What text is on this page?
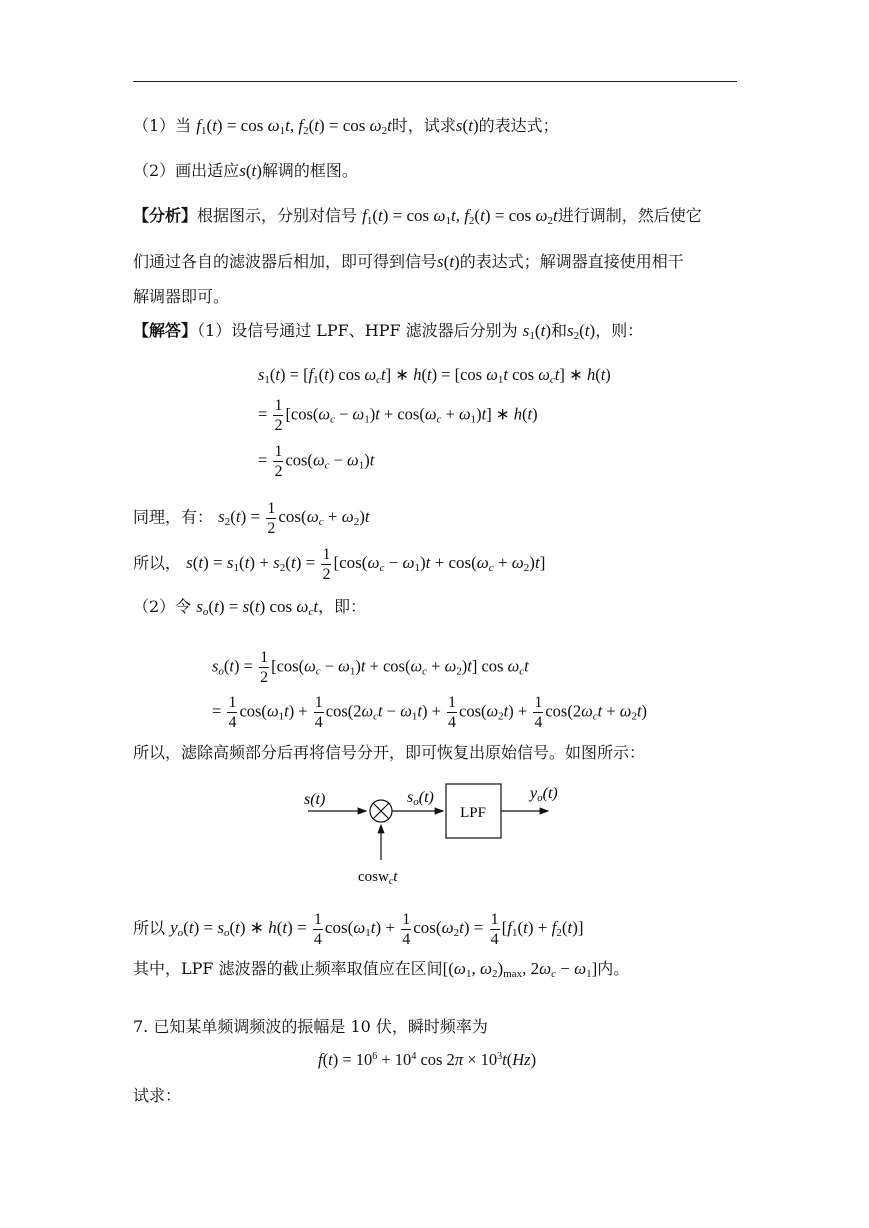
（1）当 $f_1(t) = \cos \omega_1t$, $f_2(t) = \cos \omega_2t$时，试求s(t)的表达式；
（2）画出适应s(t)解调的框图。
【分析】根据图示，分别对信号 $f_1(t) = \cos \omega_1t$, $f_2(t) = \cos \omega_2t$进行调制，然后使它
们通过各自的滤波器后相加，即可得到信号s(t)的表达式；解调器直接使用相干
解调器即可。
【解答】（1）设信号通过 LPF、HPF 滤波器后分别为 $s_1(t)$和$s_2(t)$，则：
$s_1(t) = [f_1(t)$ $\cos \omega_ct$] ∗ h(t) = [cos $\omega_1t$ $\cos \omega_ct$] ∗ h(t)
= $\frac{1}{2} [\cos(\omega_c - \omega_1)t + \cos(\omega_c + \omega_1)t]$ ∗ h(t)
= $\frac{1}{2} \cos(\omega_c - \omega_1)t$
同理，有： $s_2(t) = \frac{1}{2} \cos(\omega_c + \omega_2)t$
所以， $s(t) = s_1(t) + s_2(t) = \frac{1}{2} [\cos(\omega_c - \omega_1)t + \cos(\omega_c + \omega_2)t]$
（2）令 $s_o(t) = s(t)$ $\cos \omega_ct$，即：
$s_o(t) = \frac{1}{2} [\cos(\omega_c - \omega_1)t + \cos(\omega_c + \omega_2)t]$ $\cos \omega_ct$
= $\frac{1}{4} \cos(\omega_1t) + \frac{1}{4} \cos(2\omega_ct - \omega_1t) + \frac{1}{4} \cos(\omega_2t) + \frac{1}{4} \cos(2\omega_ct + \omega_2t)$
所以，滤除高频部分后再将信号分开，即可恢复出原始信号。如图所示：
LPF
s(t)	so(t)	yo(t)
cosw$_c$t
所以 $y_o(t) = s_o(t)$ ∗ $h(t) = \frac{1}{4} \cos(\omega_1t) + \frac{1}{4} \cos(\omega_2t) = \frac{1}{4} [f_1(t) + f_2(t)]$
其中，LPF 滤波器的截止频率取值应在区间[($\omega_1$, $\omega_2)_{max}$, $2\omega_c - \omega_1$]内。
7. 已知某单频调频波的振幅是 10 伏，瞬时频率为
$f(t) = 10^6 + 10^4$ $\cos 2\pi \times 10^3t(Hz)$
试求：
